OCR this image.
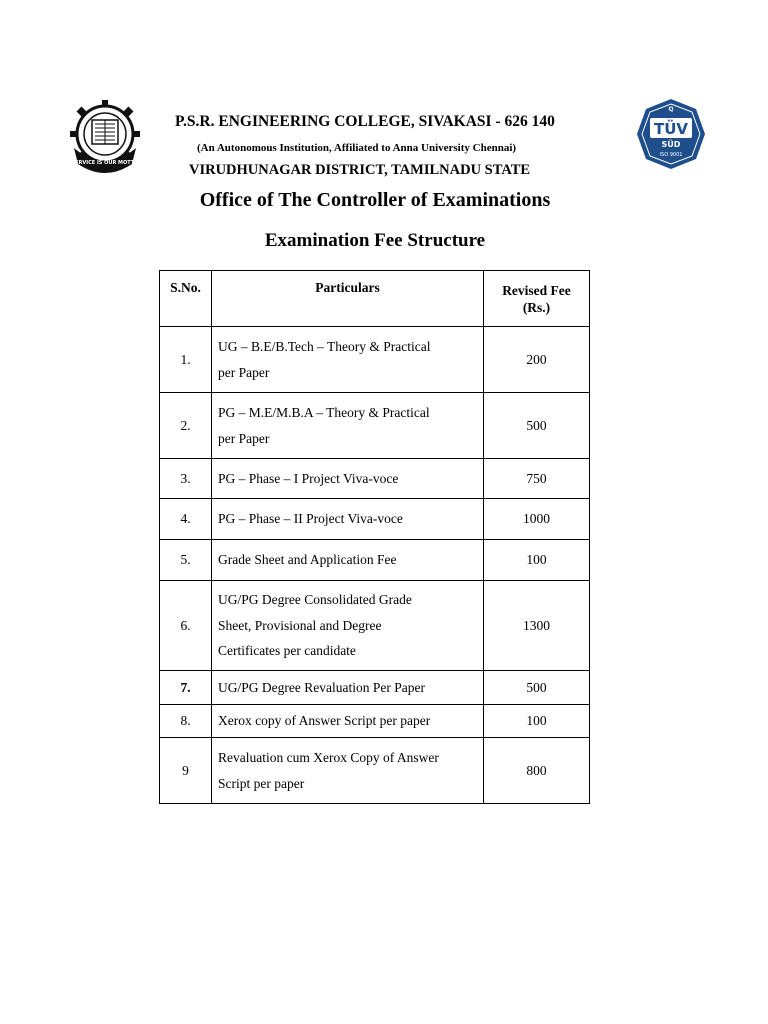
SERVICE IS OUR MOTTO
Q
TÜV
SÜD
ISO 9001
P.S.R. ENGINEERING COLLEGE, SIVAKASI - 626 140
(An Autonomous Institution, Affiliated to Anna University Chennai)
VIRUDHUNAGAR DISTRICT, TAMILNADU STATE
Office of The Controller of Examinations
Examination Fee Structure
S.No.	Particulars	Revised Fee
(Rs.)
1.	UG – B.E/B.Tech – Theory & Practical
per Paper	200
2.	PG – M.E/M.B.A – Theory & Practical
per Paper	500
3.	PG – Phase – I Project Viva-voce	750
4.	PG – Phase – II Project Viva-voce	1000
5.	Grade Sheet and Application Fee	100
6.	UG/PG Degree Consolidated Grade
Sheet, Provisional and Degree
Certificates per candidate	1300
7.	UG/PG Degree Revaluation Per Paper	500
8.	Xerox copy of Answer Script per paper	100
9	Revaluation cum Xerox Copy of Answer
Script per paper	800
